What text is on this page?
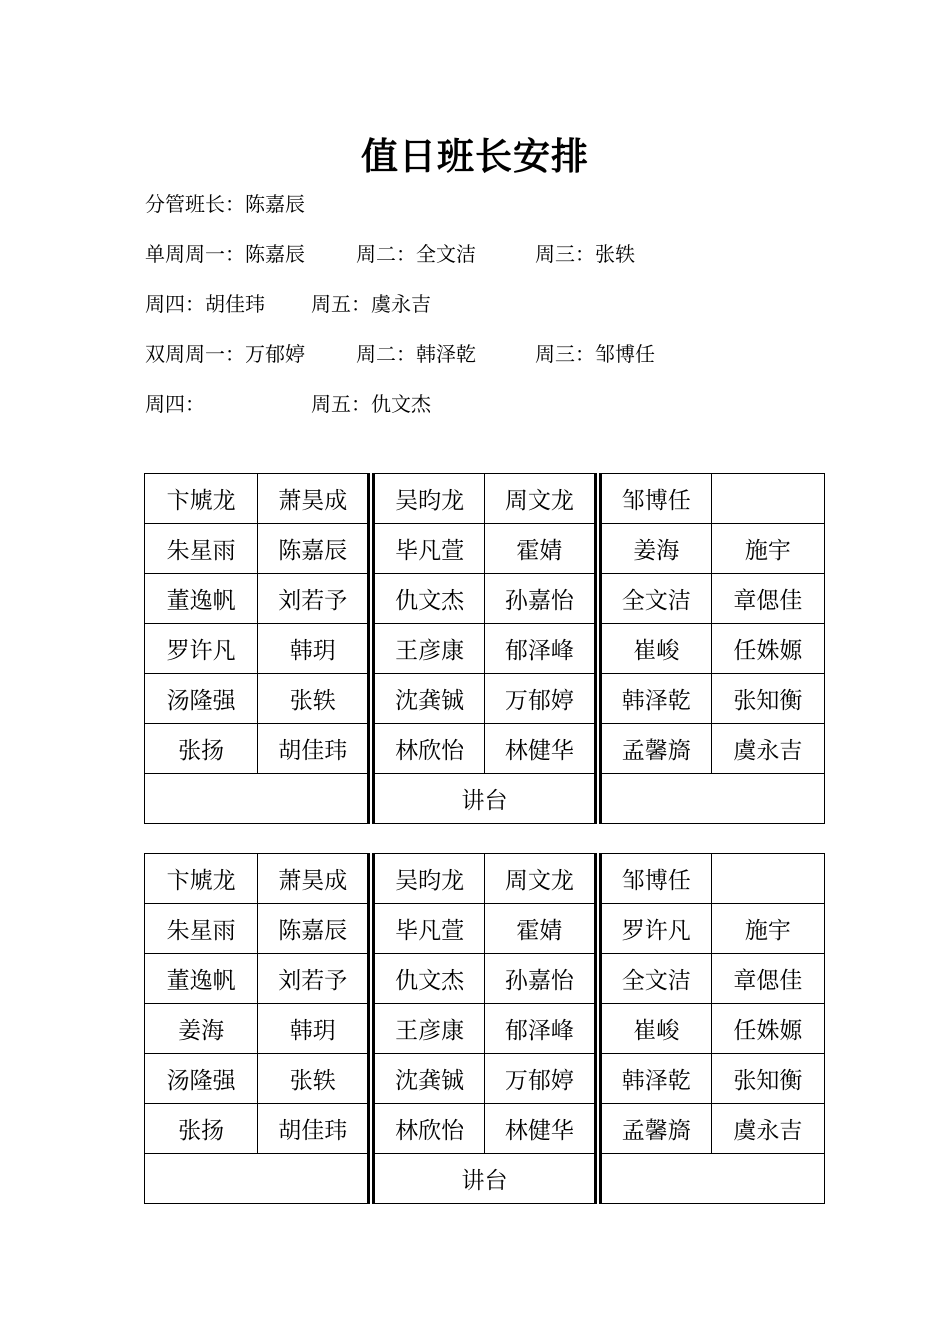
值日班长安排
分管班长：陈嘉辰
单周周一：陈嘉辰	周二：全文洁	周三：张轶
周四：胡佳玮 周五：虞永吉
双周周一：万郁婷	周二：韩泽乾	周三：邹博任
周四：	周五：仇文杰
卞虓龙	萧昊成	吴昀龙	周文龙	邹博任	
朱星雨	陈嘉辰	毕凡萱	霍婧	姜海	施宇
董逸帆	刘若予	仇文杰	孙嘉怡	全文洁	章偲佳
罗许凡	韩玥	王彦康	郁泽峰	崔峻	任姝嫄
汤隆强	张轶	沈龚铖	万郁婷	韩泽乾	张知衡
张扬	胡佳玮	林欣怡	林健华	孟馨旖	虞永吉
		讲台			
卞虓龙	萧昊成	吴昀龙	周文龙	邹博任	
朱星雨	陈嘉辰	毕凡萱	霍婧	罗许凡	施宇
董逸帆	刘若予	仇文杰	孙嘉怡	全文洁	章偲佳
姜海	韩玥	王彦康	郁泽峰	崔峻	任姝嫄
汤隆强	张轶	沈龚铖	万郁婷	韩泽乾	张知衡
张扬	胡佳玮	林欣怡	林健华	孟馨旖	虞永吉
		讲台			
